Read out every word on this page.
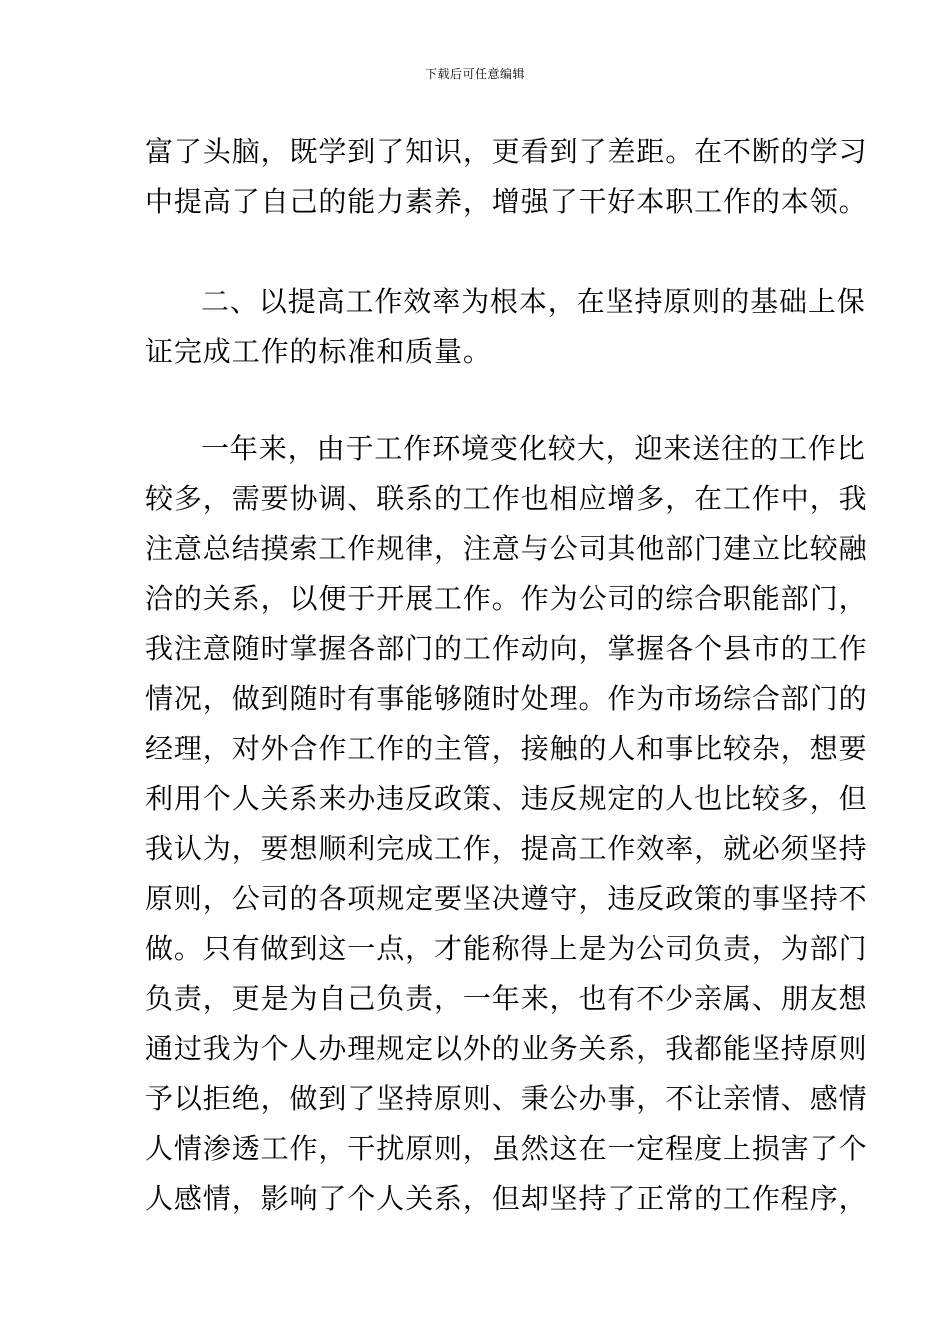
下载后可任意编辑
富了头脑，既学到了知识，更看到了差距。在不断的学习
中提高了自己的能力素养，增强了干好本职工作的本领。
二、以提高工作效率为根本，在坚持原则的基础上保
证完成工作的标准和质量。
一年来，由于工作环境变化较大，迎来送往的工作比
较多，需要协调、联系的工作也相应增多，在工作中，我
注意总结摸索工作规律，注意与公司其他部门建立比较融
洽的关系，以便于开展工作。作为公司的综合职能部门，
我注意随时掌握各部门的工作动向，掌握各个县市的工作
情况，做到随时有事能够随时处理。作为市场综合部门的
经理，对外合作工作的主管，接触的人和事比较杂，想要
利用个人关系来办违反政策、违反规定的人也比较多，但
我认为，要想顺利完成工作，提高工作效率，就必须坚持
原则，公司的各项规定要坚决遵守，违反政策的事坚持不
做。只有做到这一点，才能称得上是为公司负责，为部门
负责，更是为自己负责，一年来，也有不少亲属、朋友想
通过我为个人办理规定以外的业务关系，我都能坚持原则
予以拒绝，做到了坚持原则、秉公办事，不让亲情、感情
人情渗透工作，干扰原则，虽然这在一定程度上损害了个
人感情，影响了个人关系，但却坚持了正常的工作程序，
